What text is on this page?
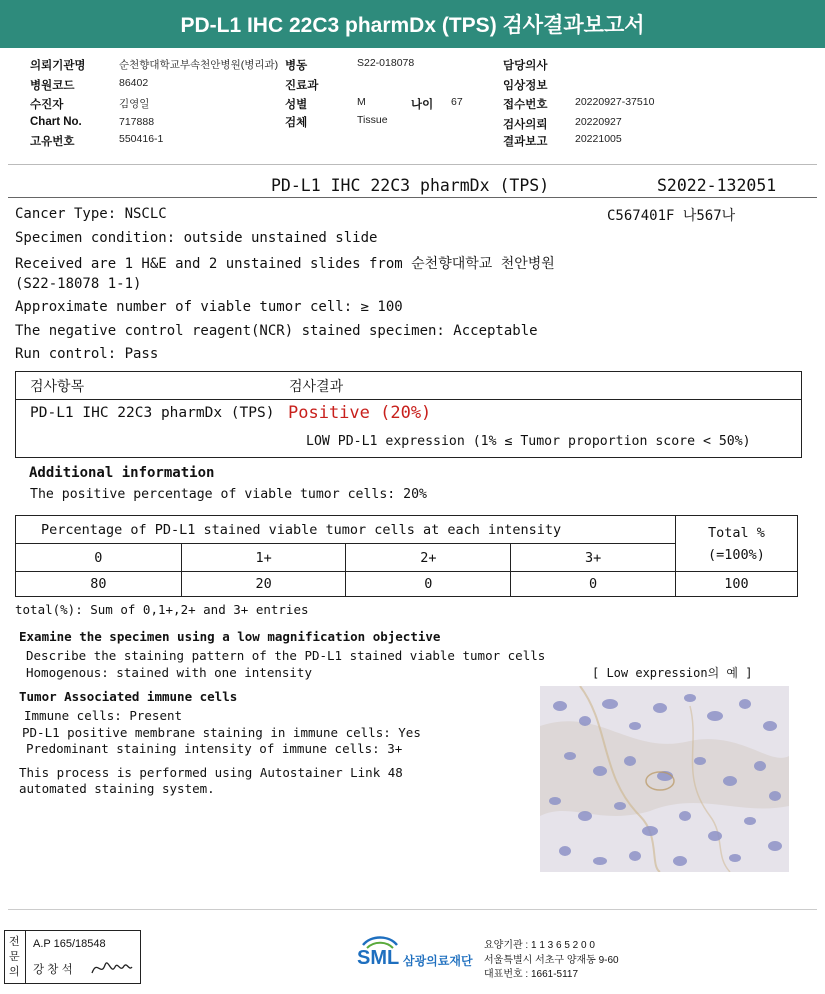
PD-L1 IHC 22C3 pharmDx (TPS) 검사결과보고서
의뢰기관명	순천향대학교부속천안병원(병리과) 병동	S22-018078	담당의사
병원코드	86402	진료과	임상정보
수진자	김영일	성별	M	나이 67	접수번호	20220927-37510
Chart No.	717888	검체	Tissue	검사의뢰	20220927
고유번호	550416-1	결과보고	20221005
PD-L1 IHC 22C3 pharmDx (TPS)	S2022-132051
Cancer Type: NSCLC	C567401F 나567나
Specimen condition: outside unstained slide
Received are 1 H&E and 2 unstained slides from 순천향대학교 천안병원
(S22-18078 1-1)
Approximate number of viable tumor cell: ≥ 100
The negative control reagent(NCR) stained specimen: Acceptable
Run control: Pass
검사항목	검사결과
PD-L1 IHC 22C3 pharmDx (TPS) Positive (20%)
LOW PD-L1 expression (1% ≤ Tumor proportion score < 50%)
Additional information
The positive percentage of viable tumor cells: 20%
Percentage of PD-L1 stained viable tumor cells at each intensity				Total %
(=100%)

0	1+	2+	3+	
80	20	0	0	100
total(%): Sum of 0,1+,2+ and 3+ entries
Examine the specimen using a low magnification objective
Describe the staining pattern of the PD-L1 stained viable tumor cells
Homogenous: stained with one intensity	[ Low expression의 예 ]
Tumor Associated immune cells
Immune cells: Present
PD-L1 positive membrane staining in immune cells: Yes
Predominant staining intensity of immune cells: 3+
This process is performed using Autostainer Link 48
automated staining system.
전문의
A.P 165/18548
강 창 석
SML 삼광의료재단
요양기관 : 1 1 3 6 5 2 0 0
서울특별시 서초구 양재동 9-60
대표번호 : 1661-5117
